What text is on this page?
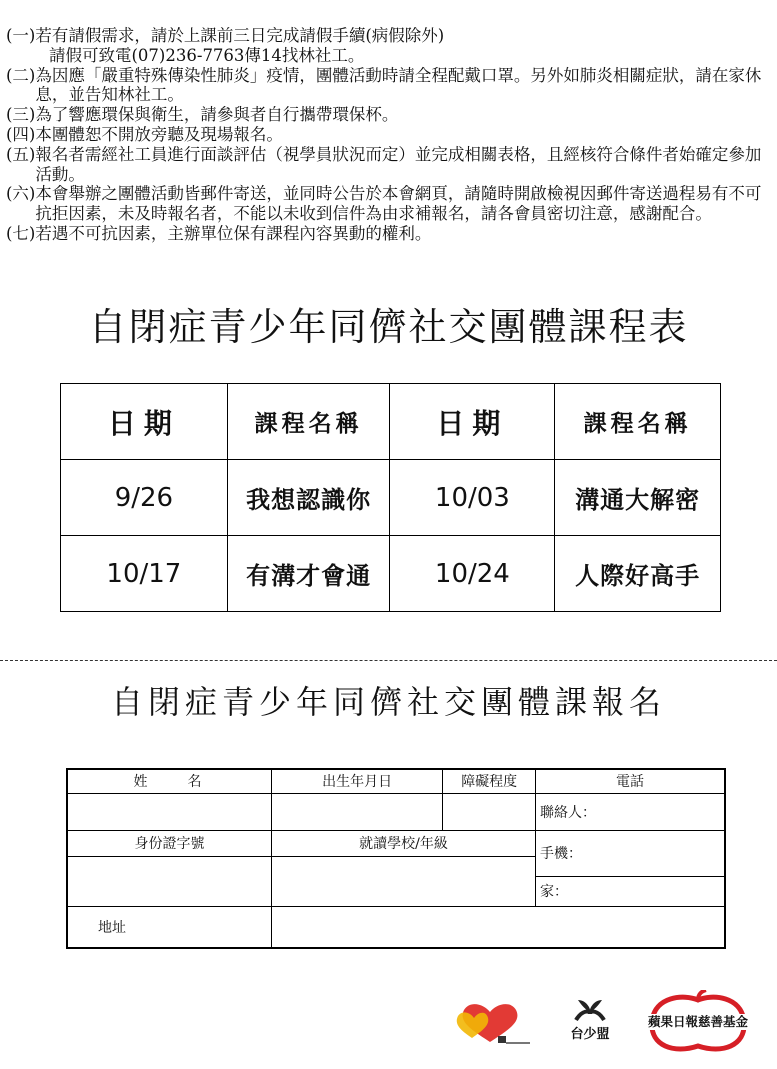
(一) 若有請假需求，請於上課前三日完成請假手續(病假除外)
請假可致電(07)236-7763傳14找林社工。
(二) 為因應「嚴重特殊傳染性肺炎」疫情，團體活動時請全程配戴口罩。另外如肺炎相關症狀，請在家休息，並告知林社工。
(三) 為了響應環保與衛生，請參與者自行攜帶環保杯。
(四) 本團體恕不開放旁聽及現場報名。
(五) 報名者需經社工員進行面談評估（視學員狀況而定）並完成相關表格，且經核符合條件者始確定參加活動。
(六) 本會舉辦之團體活動皆郵件寄送，並同時公告於本會網頁，請隨時開啟檢視因郵件寄送過程易有不可抗拒因素，未及時報名者，不能以未收到信件為由求補報名，請各會員密切注意，感謝配合。
(七) 若遇不可抗因素，主辦單位保有課程內容異動的權利。
自閉症青少年同儕社交團體課程表
日期	課程名稱	日期	課程名稱
9/26	我想認識你	10/03	溝通大解密
10/17	有溝才會通	10/24	人際好高手
自閉症青少年同儕社交團體課報名
姓　　名	出生年月日	障礙程度	電話
			聯絡人：
身份證字號	就讀學校/年級		手機：

			家：
地址			
台少盟
蘋果日報慈善基金
